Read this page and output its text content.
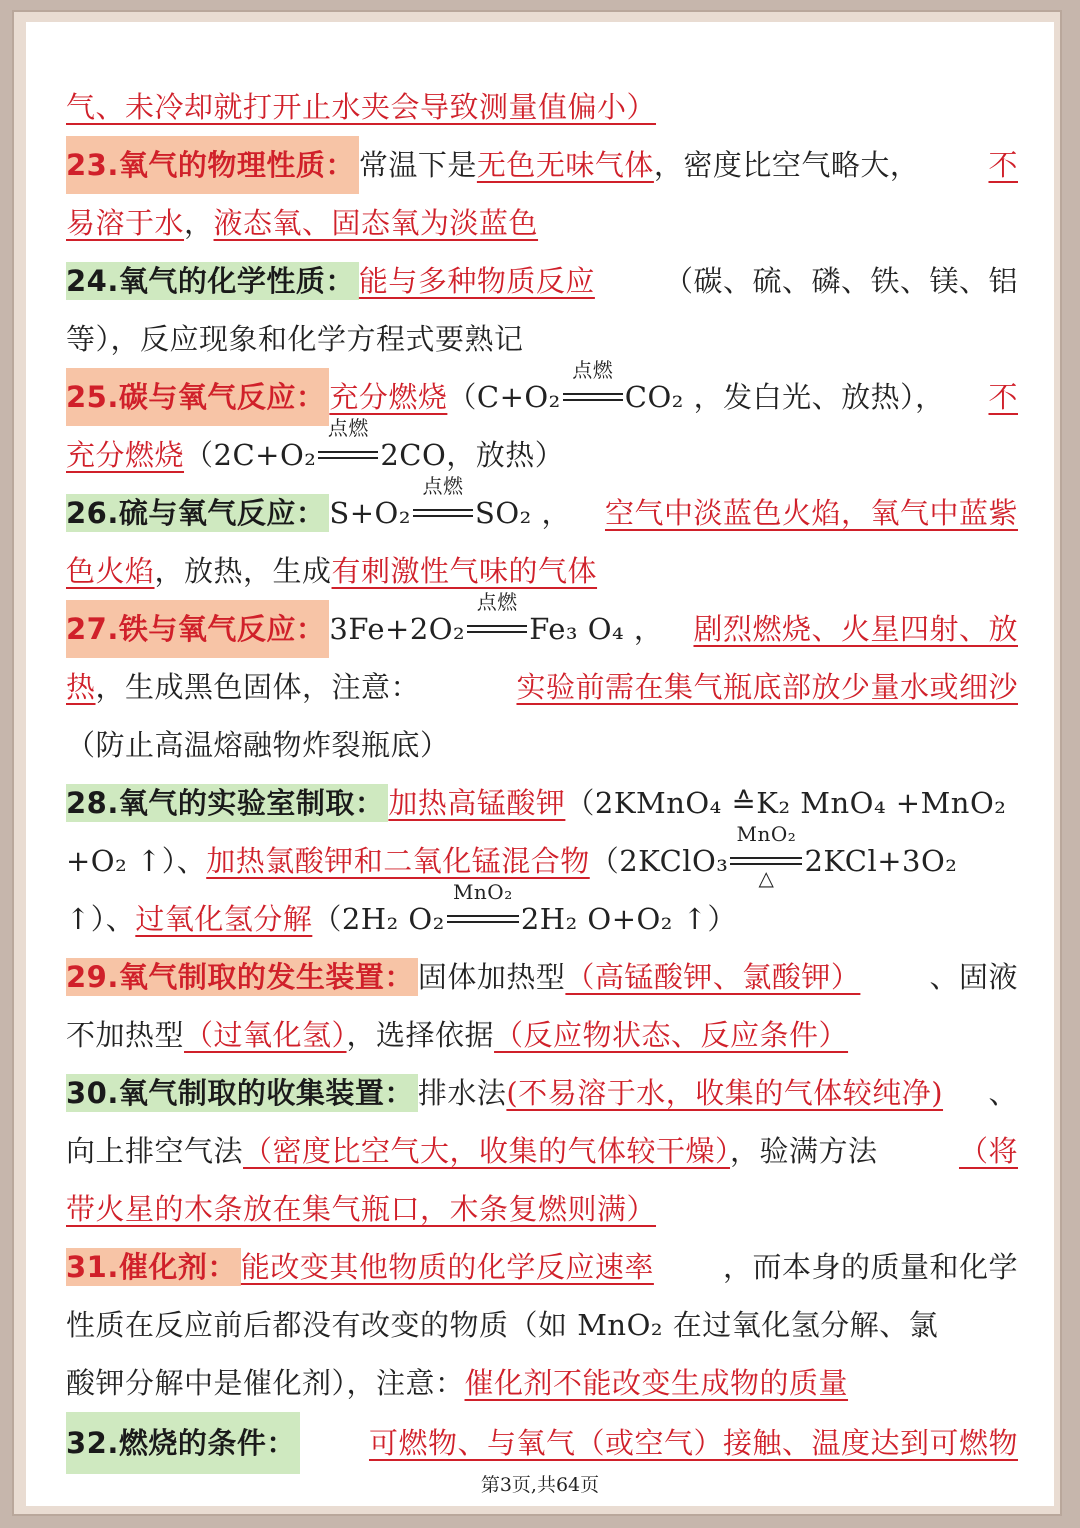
气、未冷却就打开止水夹会导致测量值偏小）
23.氧气的物理性质： 常温下是无色无味气体，密度比空气略大， 不
易溶于水，液态氧、固态氧为淡蓝色
24.氧气的化学性质： 能与多种物质反应 （碳、硫、磷、铁、镁、铝
等），反应现象和化学方程式要熟记
25.碳与氧气反应： 充分燃烧（C+O₂
点燃
CO₂ ，发白光、放热）， 不
充分燃烧（2C+O₂
点燃
2CO，放热）
26.硫与氧气反应： S+O₂
点燃
SO₂ ， 空气中淡蓝色火焰，氧气中蓝紫
色火焰，放热，生成有刺激性气味的气体
27.铁与氧气反应： 3Fe+2O₂
点燃
Fe₃ O₄ ， 剧烈燃烧、火星四射、放
热，生成黑色固体，注意：	实验前需在集气瓶底部放少量水或细沙
（防止高温熔融物炸裂瓶底）
28.氧气的实验室制取： 加热高锰酸钾（2KMnO₄ ≙K₂ MnO₄ +MnO₂
+O₂ ↑）、加热氯酸钾和二氧化锰混合物（2KClO₃
MnO₂
△ 2KCl+3O₂
↑）、过氧化氢分解（2H₂ O₂
MnO₂
2H₂ O+O₂ ↑）
29.氧气制取的发生装置： 固体加热型（高锰酸钾、氯酸钾） 、固液
不加热型（过氧化氢），选择依据（反应物状态、反应条件）
30.氧气制取的收集装置： 排水法(不易溶于水，收集的气体较纯净) 、
向上排空气法（密度比空气大，收集的气体较干燥），验满方法	（将
带火星的木条放在集气瓶口，木条复燃则满）
31.催化剂： 能改变其他物质的化学反应速率 ，而本身的质量和化学
性质在反应前后都没有改变的物质（如 MnO₂ 在过氧化氢分解、氯
酸钾分解中是催化剂），注意：催化剂不能改变生成物的质量
32.燃烧的条件：	可燃物、与氧气（或空气）接触、温度达到可燃物
第3页,共64页
